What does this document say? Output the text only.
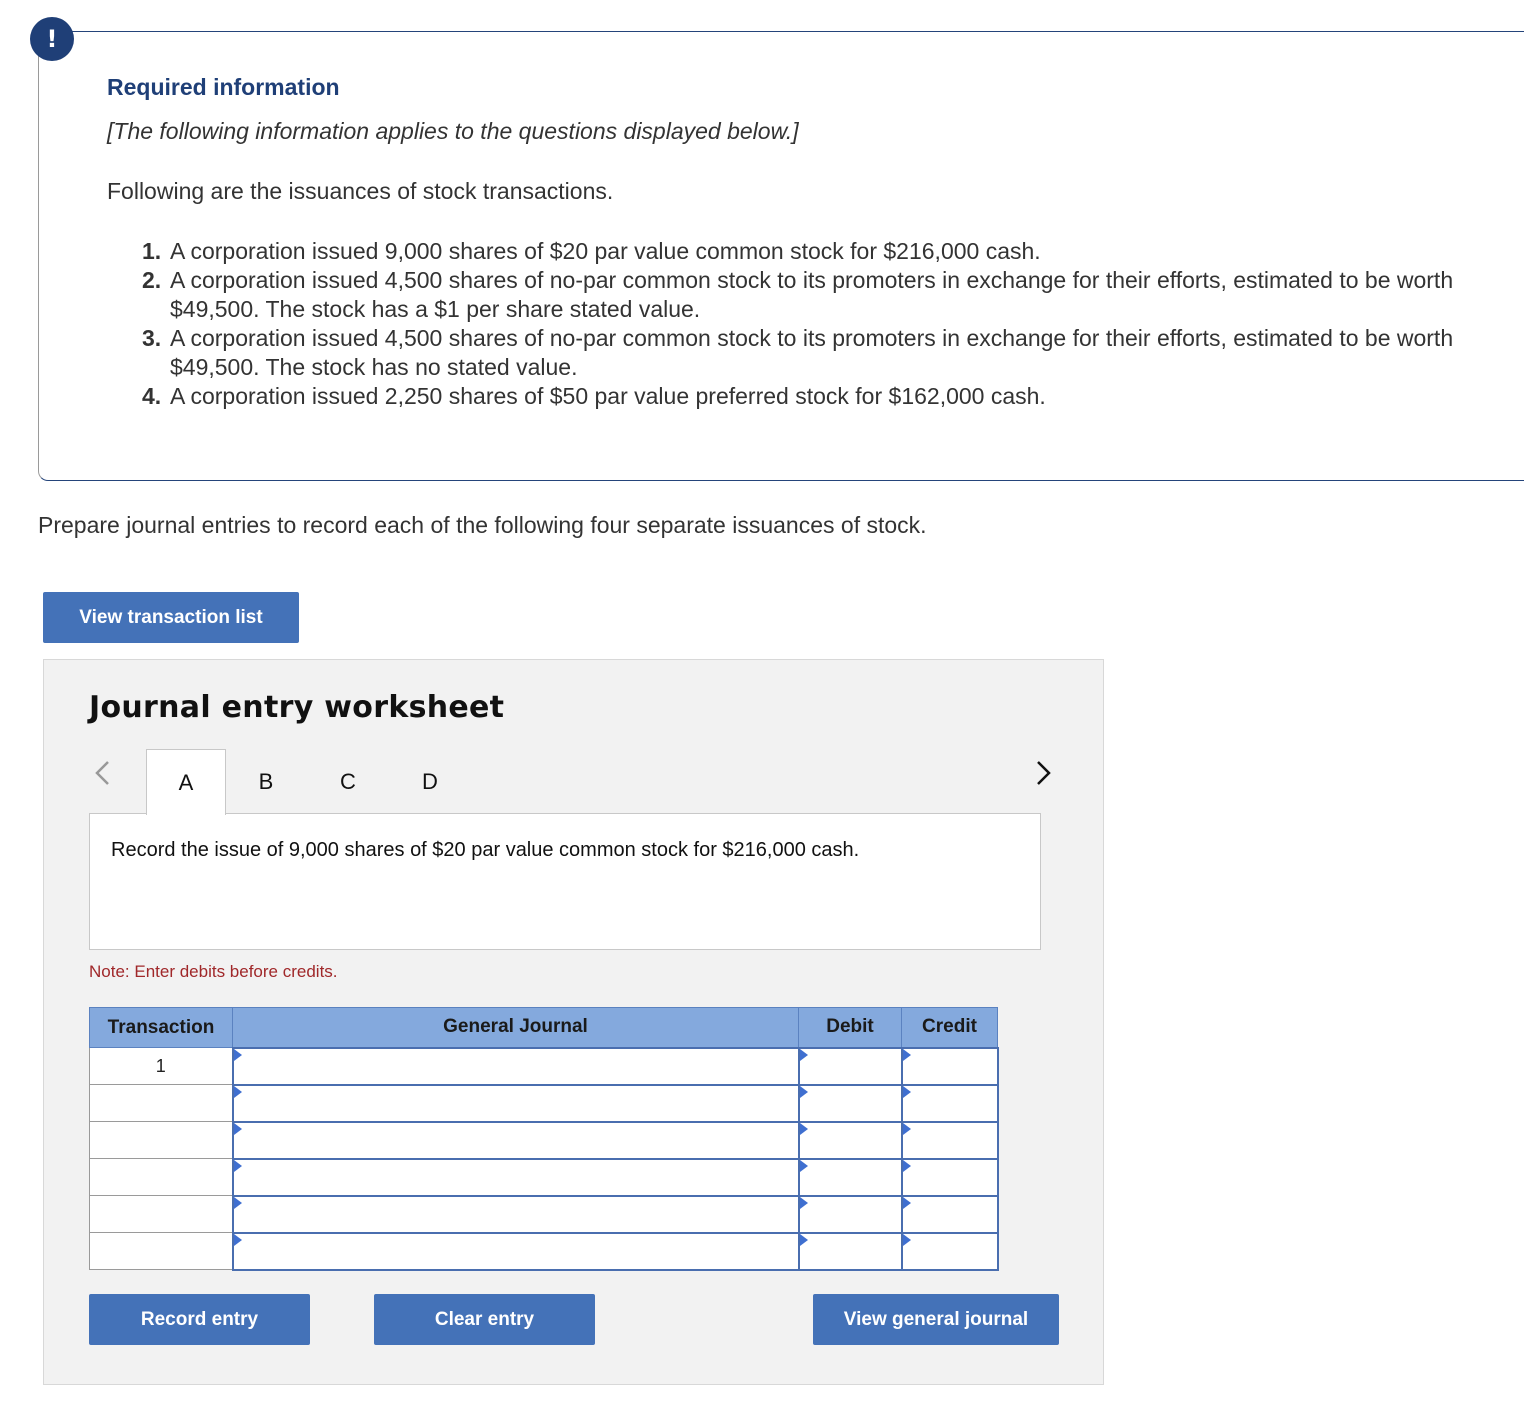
!
Required information
[The following information applies to the questions displayed below.]
Following are the issuances of stock transactions.
1. A corporation issued 9,000 shares of $20 par value common stock for $216,000 cash.
2. A corporation issued 4,500 shares of no-par common stock to its promoters in exchange for their efforts, estimated to be worth $49,500. The stock has a $1 per share stated value.
3. A corporation issued 4,500 shares of no-par common stock to its promoters in exchange for their efforts, estimated to be worth $49,500. The stock has no stated value.
4. A corporation issued 2,250 shares of $50 par value preferred stock for $162,000 cash.
Prepare journal entries to record each of the following four separate issuances of stock.
View transaction list
Journal entry worksheet
A	B	C	D
Record the issue of 9,000 shares of $20 par value common stock for $216,000 cash.
Note: Enter debits before credits.
Transaction	General Journal	Debit	Credit
1			

Record entry	Clear entry	View general journal
